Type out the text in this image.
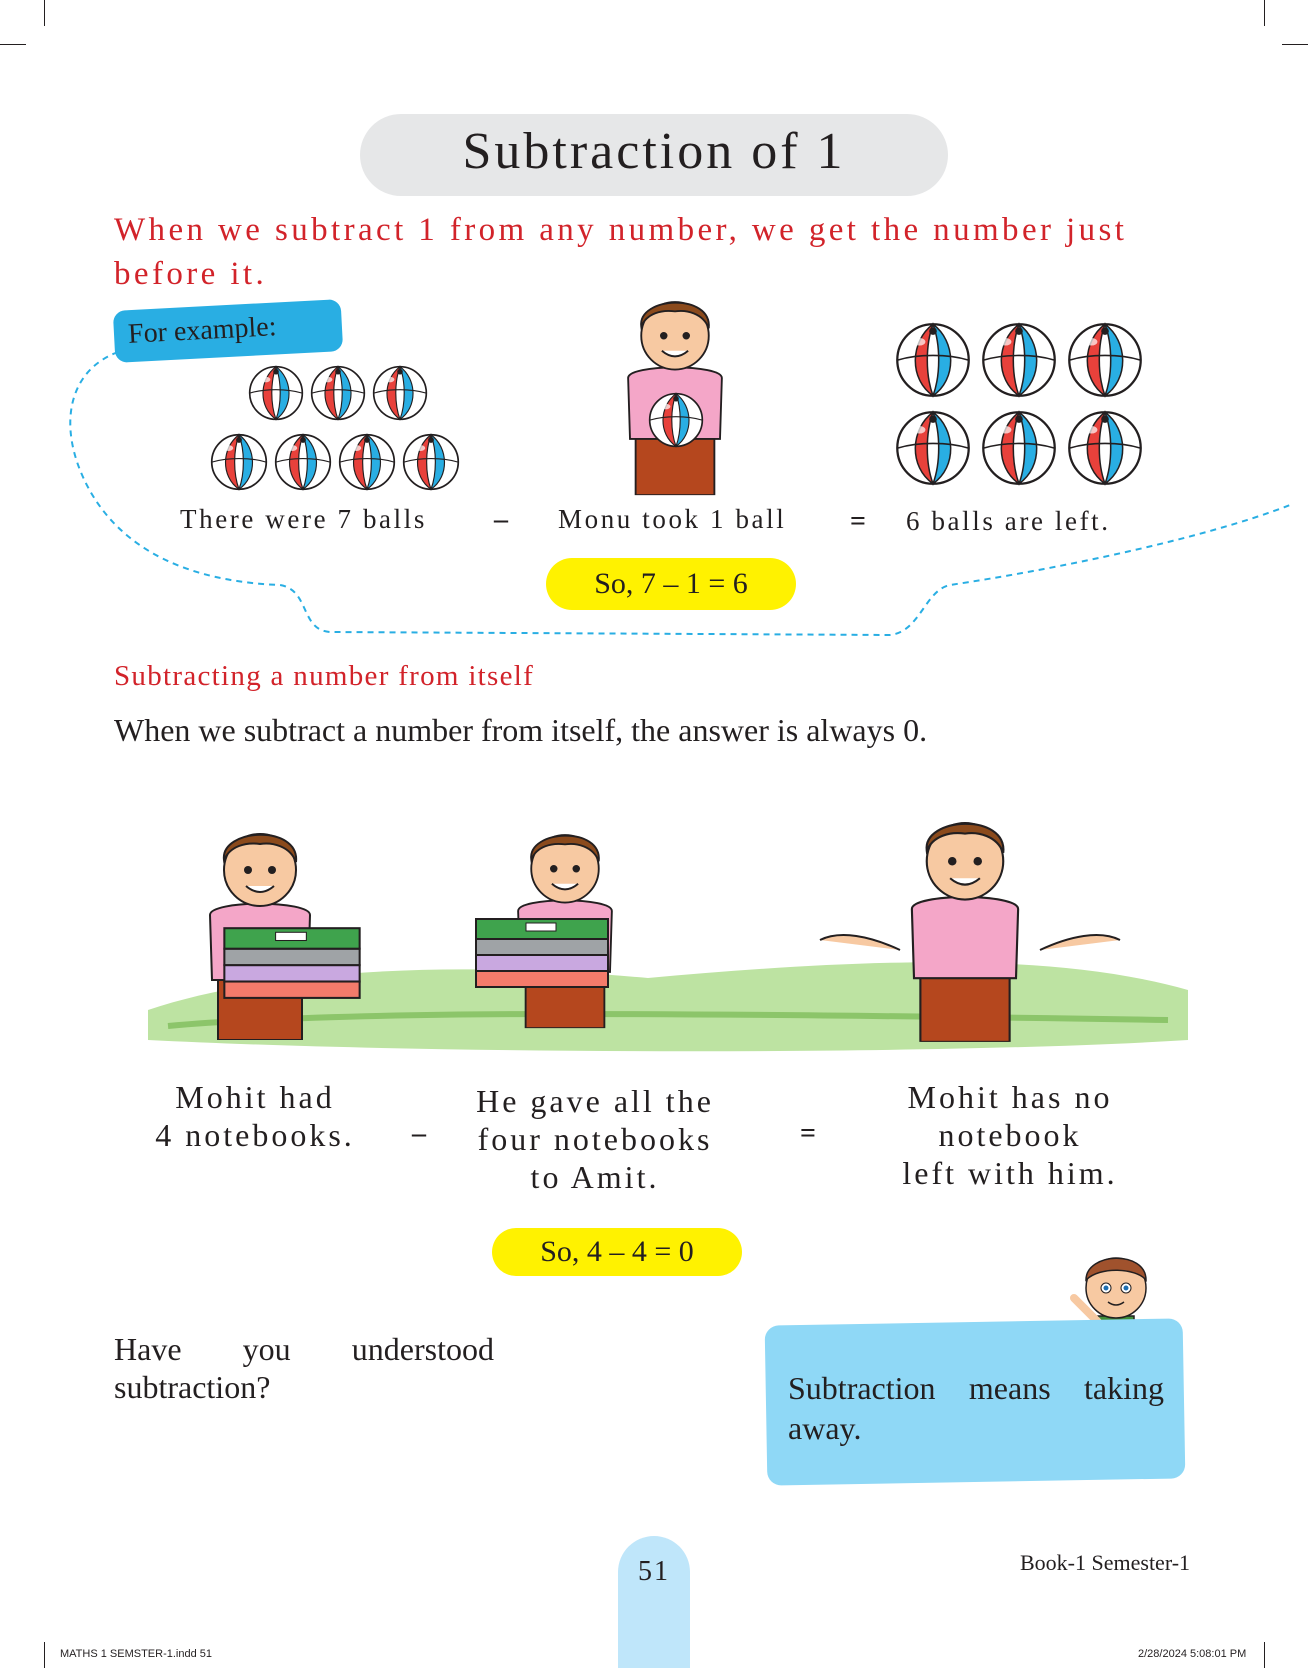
Subtraction of 1
When we subtract 1 from any number, we get the number just before it.
For example:
There were 7 balls – Monu took 1 ball = 6 balls are left.
So, 7 – 1 = 6
Subtracting a number from itself
When we subtract a number from itself, the answer is always 0.
Mohit had
4 notebooks.	–
He gave all the
four notebooks
to Amit.
=
Mohit has no
notebook
left with him.
So, 4 – 4 = 0
Have you understood subtraction?	Subtraction means taking away.
51	Book-1 Semester-1
MATHS 1 SEMSTER-1.indd 51	2/28/2024 5:08:01 PM
